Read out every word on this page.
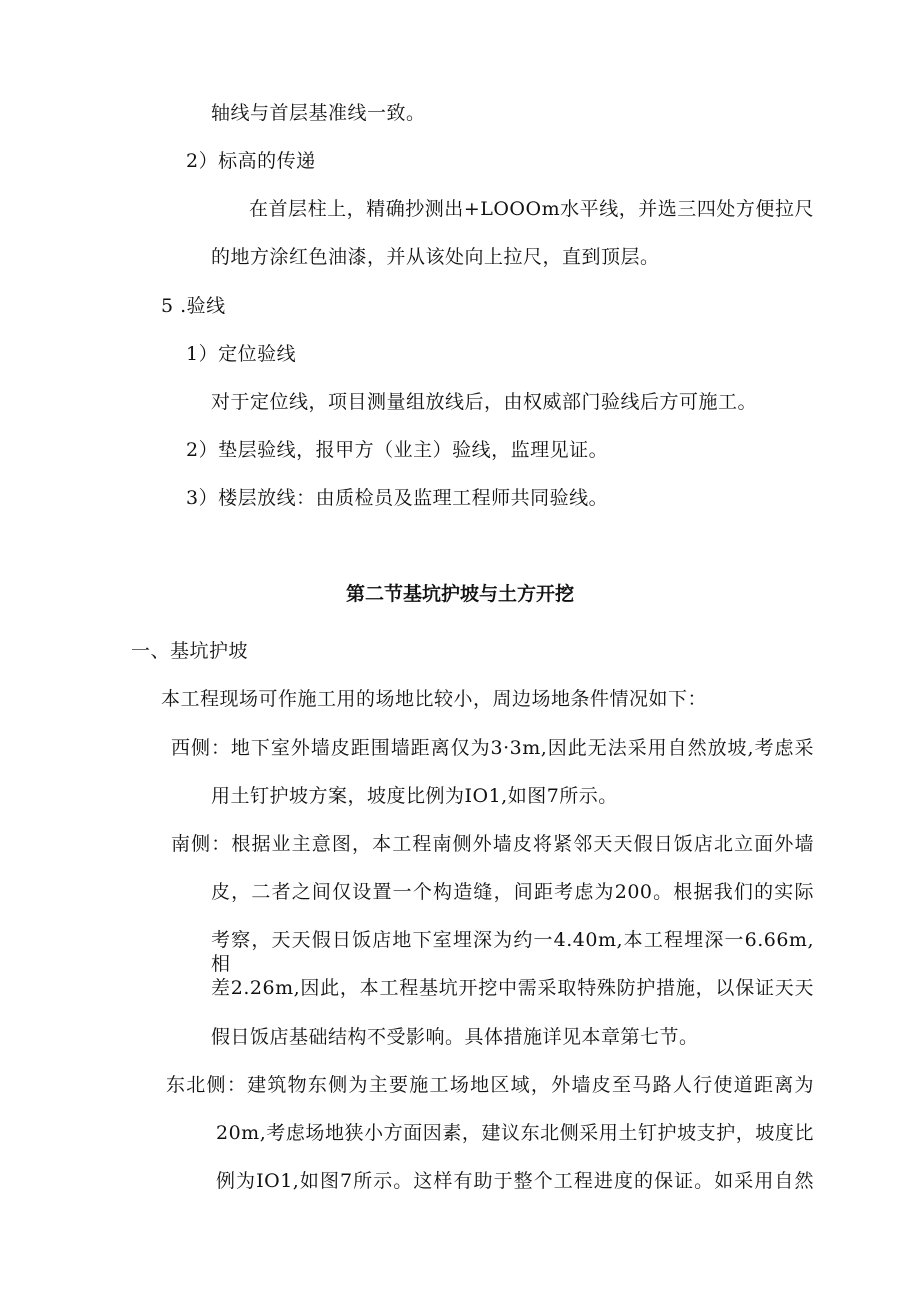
轴线与首层基准线一致。
2）标高的传递
在首层柱上，精确抄测出+LOOOm水平线，并选三四处方便拉尺
的地方涂红色油漆，并从该处向上拉尺，直到顶层。
5 .验线
1）定位验线
对于定位线，项目测量组放线后，由权威部门验线后方可施工。
2）垫层验线，报甲方（业主）验线，监理见证。
3）楼层放线：由质检员及监理工程师共同验线。
第二节基坑护坡与土方开挖
一、基坑护坡
本工程现场可作施工用的场地比较小，周边场地条件情况如下：
西侧：地下室外墙皮距围墙距离仅为3·3m,因此无法采用自然放坡,考虑采
用土钉护坡方案，坡度比例为IO1,如图7所示。
南侧：根据业主意图，本工程南侧外墙皮将紧邻天天假日饭店北立面外墙
皮，二者之间仅设置一个构造缝，间距考虑为200。根据我们的实际
考察，天天假日饭店地下室埋深为约一4.40m,本工程埋深一6.66m,相
差2.26m,因此，本工程基坑开挖中需采取特殊防护措施，以保证天天
假日饭店基础结构不受影响。具体措施详见本章第七节。
东北侧：建筑物东侧为主要施工场地区域，外墙皮至马路人行使道距离为
20m,考虑场地狭小方面因素，建议东北侧采用土钉护坡支护，坡度比
例为IO1,如图7所示。这样有助于整个工程进度的保证。如采用自然
